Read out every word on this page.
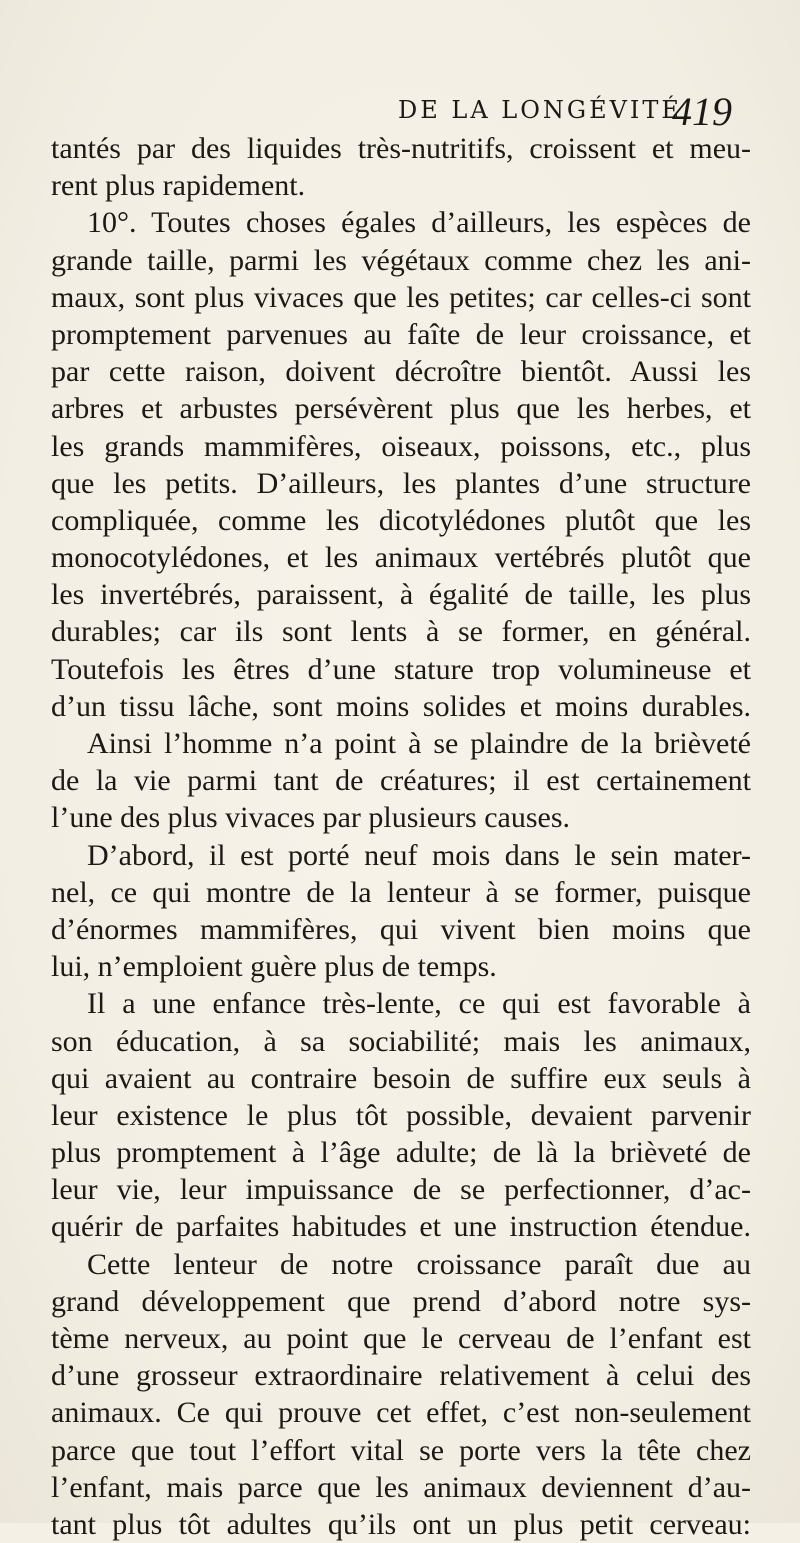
DE LA LONGÉVITÉ.
419
tantés par des liquides très-nutritifs, croissent et meu-
rent plus rapidement.
10°. Toutes choses égales d’ailleurs, les espèces de
grande taille, parmi les végétaux comme chez les ani-
maux, sont plus vivaces que les petites; car celles-ci sont
promptement parvenues au faîte de leur croissance, et
par cette raison, doivent décroître bientôt. Aussi les
arbres et arbustes persévèrent plus que les herbes, et
les grands mammifères, oiseaux, poissons, etc., plus
que les petits. D’ailleurs, les plantes d’une structure
compliquée, comme les dicotylédones plutôt que les
monocotylédones, et les animaux vertébrés plutôt que
les invertébrés, paraissent, à égalité de taille, les plus
durables; car ils sont lents à se former, en général.
Toutefois les êtres d’une stature trop volumineuse et
d’un tissu lâche, sont moins solides et moins durables.
Ainsi l’homme n’a point à se plaindre de la brièveté
de la vie parmi tant de créatures; il est certainement
l’une des plus vivaces par plusieurs causes.
D’abord, il est porté neuf mois dans le sein mater-
nel, ce qui montre de la lenteur à se former, puisque
d’énormes mammifères, qui vivent bien moins que
lui, n’emploient guère plus de temps.
Il a une enfance très-lente, ce qui est favorable à
son éducation, à sa sociabilité; mais les animaux,
qui avaient au contraire besoin de suffire eux seuls à
leur existence le plus tôt possible, devaient parvenir
plus promptement à l’âge adulte; de là la brièveté de
leur vie, leur impuissance de se perfectionner, d’ac-
quérir de parfaites habitudes et une instruction étendue.
Cette lenteur de notre croissance paraît due au
grand développement que prend d’abord notre sys-
tème nerveux, au point que le cerveau de l’enfant est
d’une grosseur extraordinaire relativement à celui des
animaux. Ce qui prouve cet effet, c’est non-seulement
parce que tout l’effort vital se porte vers la tête chez
l’enfant, mais parce que les animaux deviennent d’au-
tant plus tôt adultes qu’ils ont un plus petit cerveau:
